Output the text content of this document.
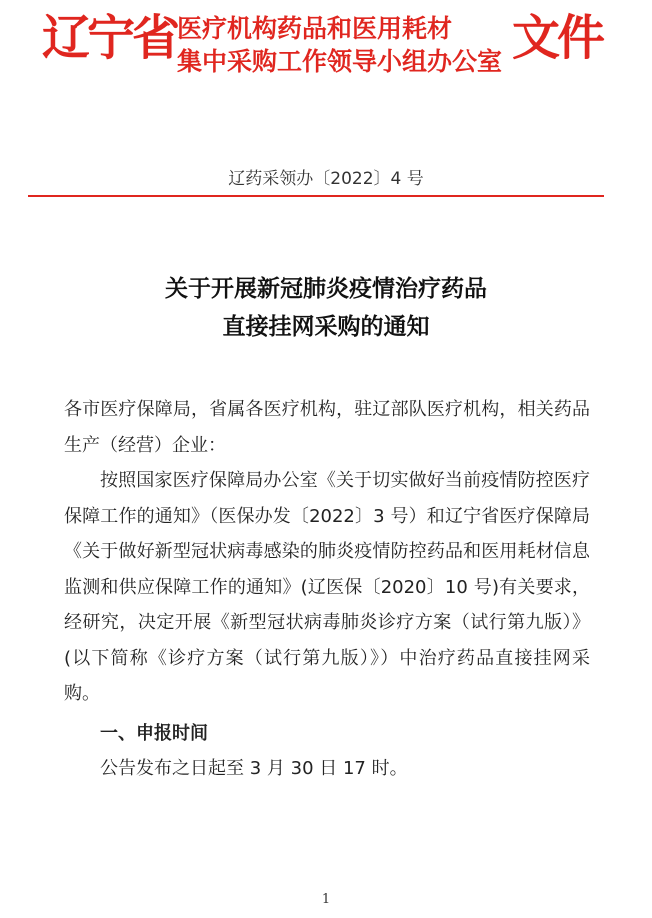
辽宁省 医疗机构药品和医用耗材
集中采购工作领导小组办公室 文件
辽药采领办〔2022〕4 号
关于开展新冠肺炎疫情治疗药品
直接挂网采购的通知

各市医疗保障局，省属各医疗机构，驻辽部队医疗机构，相关药品生产（经营）企业：

按照国家医疗保障局办公室《关于切实做好当前疫情防控医疗保障工作的通知》（医保办发〔2022〕3 号）和辽宁省医疗保障局《关于做好新型冠状病毒感染的肺炎疫情防控药品和医用耗材信息监测和供应保障工作的通知》(辽医保〔2020〕10 号)有关要求，经研究，决定开展《新型冠状病毒肺炎诊疗方案（试行第九版）》(以下简称《诊疗方案（试行第九版）》）中治疗药品直接挂网采购。

一、申报时间

公告发布之日起至 3 月 30 日 17 时。

1
